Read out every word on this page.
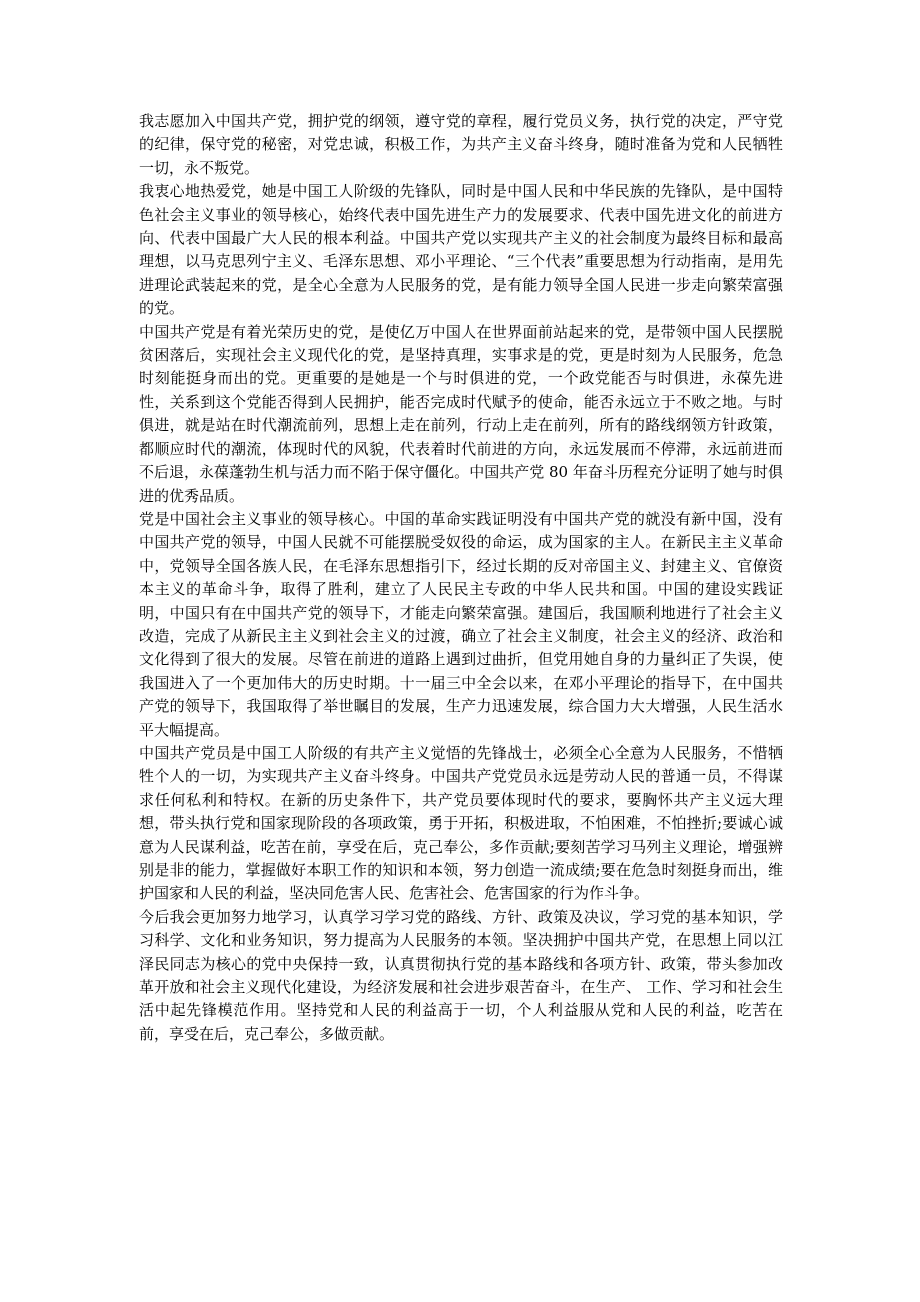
我志愿加入中国共产党，拥护党的纲领，遵守党的章程，履行党员义务，执行党的决定，严守党的纪律，保守党的秘密，对党忠诚，积极工作，为共产主义奋斗终身，随时准备为党和人民牺牲一切，永不叛党。

我衷心地热爱党，她是中国工人阶级的先锋队，同时是中国人民和中华民族的先锋队，是中国特色社会主义事业的领导核心，始终代表中国先进生产力的发展要求、代表中国先进文化的前进方向、代表中国最广大人民的根本利益。中国共产党以实现共产主义的社会制度为最终目标和最高理想，以马克思列宁主义、毛泽东思想、邓小平理论、“三个代表”重要思想为行动指南，是用先进理论武装起来的党，是全心全意为人民服务的党，是有能力领导全国人民进一步走向繁荣富强的党。

中国共产党是有着光荣历史的党，是使亿万中国人在世界面前站起来的党，是带领中国人民摆脱贫困落后，实现社会主义现代化的党，是坚持真理，实事求是的党，更是时刻为人民服务，危急时刻能挺身而出的党。更重要的是她是一个与时俱进的党，一个政党能否与时俱进，永葆先进性，关系到这个党能否得到人民拥护，能否完成时代赋予的使命，能否永远立于不败之地。与时俱进，就是站在时代潮流前列，思想上走在前列，行动上走在前列，所有的路线纲领方针政策，都顺应时代的潮流，体现时代的风貌，代表着时代前进的方向，永远发展而不停滞，永远前进而不后退，永葆蓬勃生机与活力而不陷于保守僵化。中国共产党 80 年奋斗历程充分证明了她与时俱进的优秀品质。

党是中国社会主义事业的领导核心。中国的革命实践证明没有中国共产党的就没有新中国，没有中国共产党的领导，中国人民就不可能摆脱受奴役的命运，成为国家的主人。在新民主主义革命中，党领导全国各族人民，在毛泽东思想指引下，经过长期的反对帝国主义、封建主义、官僚资本主义的革命斗争，取得了胜利，建立了人民民主专政的中华人民共和国。中国的建设实践证明，中国只有在中国共产党的领导下，才能走向繁荣富强。建国后，我国顺利地进行了社会主义改造，完成了从新民主主义到社会主义的过渡，确立了社会主义制度，社会主义的经济、政治和文化得到了很大的发展。尽管在前进的道路上遇到过曲折，但党用她自身的力量纠正了失误，使我国进入了一个更加伟大的历史时期。十一届三中全会以来，在邓小平理论的指导下，在中国共产党的领导下，我国取得了举世瞩目的发展，生产力迅速发展，综合国力大大增强，人民生活水平大幅提高。

中国共产党员是中国工人阶级的有共产主义觉悟的先锋战士，必须全心全意为人民服务，不惜牺牲个人的一切，为实现共产主义奋斗终身。中国共产党党员永远是劳动人民的普通一员，不得谋求任何私利和特权。在新的历史条件下，共产党员要体现时代的要求，要胸怀共产主义远大理想，带头执行党和国家现阶段的各项政策，勇于开拓，积极进取，不怕困难，不怕挫折;要诚心诚意为人民谋利益，吃苦在前，享受在后，克己奉公，多作贡献;要刻苦学习马列主义理论，增强辨别是非的能力，掌握做好本职工作的知识和本领，努力创造一流成绩;要在危急时刻挺身而出，维护国家和人民的利益，坚决同危害人民、危害社会、危害国家的行为作斗争。

今后我会更加努力地学习，认真学习学习党的路线、方针、政策及决议，学习党的基本知识，学习科学、文化和业务知识，努力提高为人民服务的本领。坚决拥护中国共产党，在思想上同以江泽民同志为核心的党中央保持一致，认真贯彻执行党的基本路线和各项方针、政策，带头参加改革开放和社会主义现代化建设，为经济发展和社会进步艰苦奋斗，在生产、 工作、学习和社会生活中起先锋模范作用。坚持党和人民的利益高于一切，个人利益服从党和人民的利益，吃苦在前，享受在后，克己奉公，多做贡献。
